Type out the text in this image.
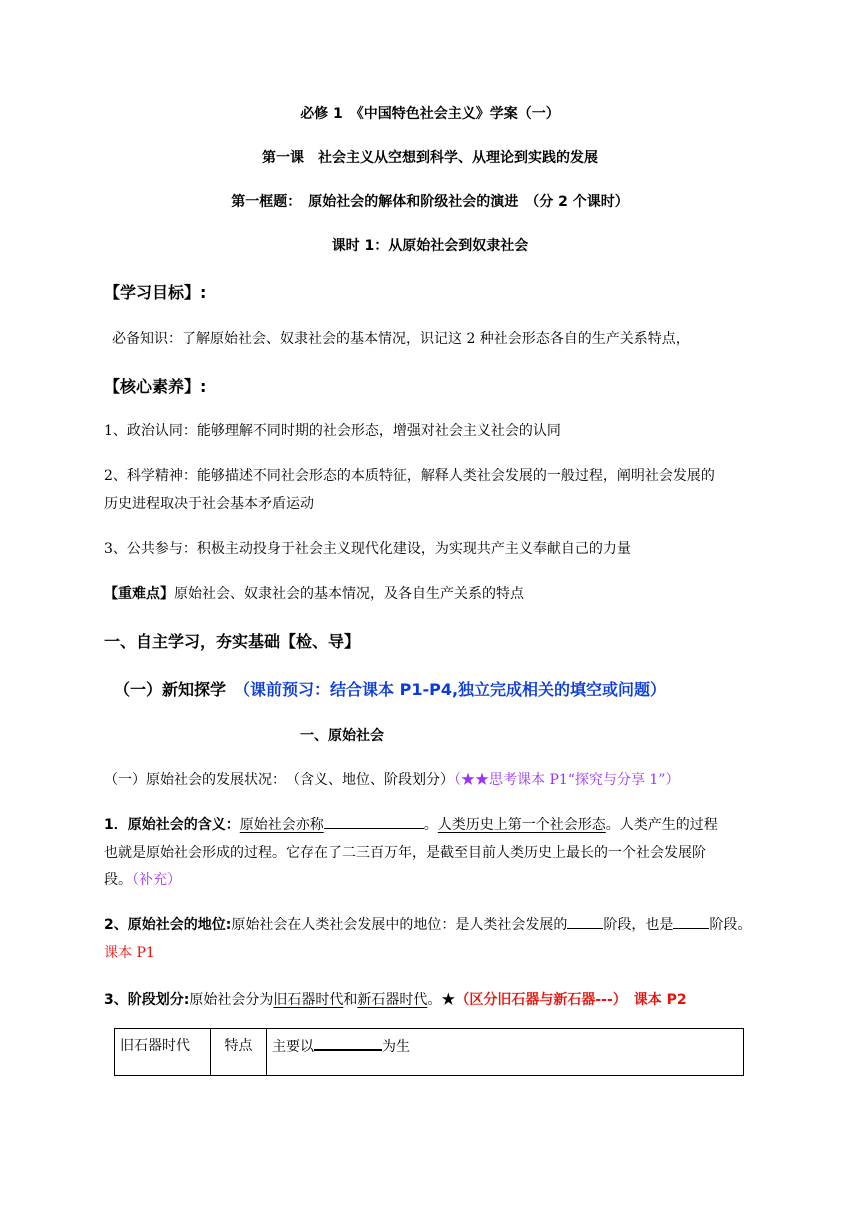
必修 1　《中国特色社会主义》学案（一）
第一课　社会主义从空想到科学、从理论到实践的发展
第一框题：　原始社会的解体和阶级社会的演进　（分 2 个课时）
课时 1：从原始社会到奴隶社会
【学习目标】:
必备知识：了解原始社会、奴隶社会的基本情况，识记这 2 种社会形态各自的生产关系特点，
【核心素养】:
1、政治认同：能够理解不同时期的社会形态，增强对社会主义社会的认同
2、科学精神：能够描述不同社会形态的本质特征，解释人类社会发展的一般过程，阐明社会发展的
历史进程取决于社会基本矛盾运动
3、公共参与：积极主动投身于社会主义现代化建设，为实现共产主义奉献自己的力量
【重难点】原始社会、奴隶社会的基本情况，及各自生产关系的特点
一、自主学习，夯实基础【检、导】
（一）新知探学　（课前预习：结合课本 P1-P4,独立完成相关的填空或问题）
一、原始社会
（一）原始社会的发展状况：　（含义、地位、阶段划分）（★★思考课本 P1“探究与分享 1”）
1．原始社会的含义：原始社会亦称	。人类历史上第一个社会形态。人类产生的过程
也就是原始社会形成的过程。它存在了二三百万年，是截至目前人类历史上最长的一个社会发展阶
段。（补充）
2、原始社会的地位:原始社会在人类社会发展中的地位：是人类社会发展的	阶段，也是	阶段。
课本 P1
3、阶段划分:原始社会分为旧石器时代和新石器时代。★（区分旧石器与新石器---）　课本 P2
旧石器时代	特点	主要以	为生
